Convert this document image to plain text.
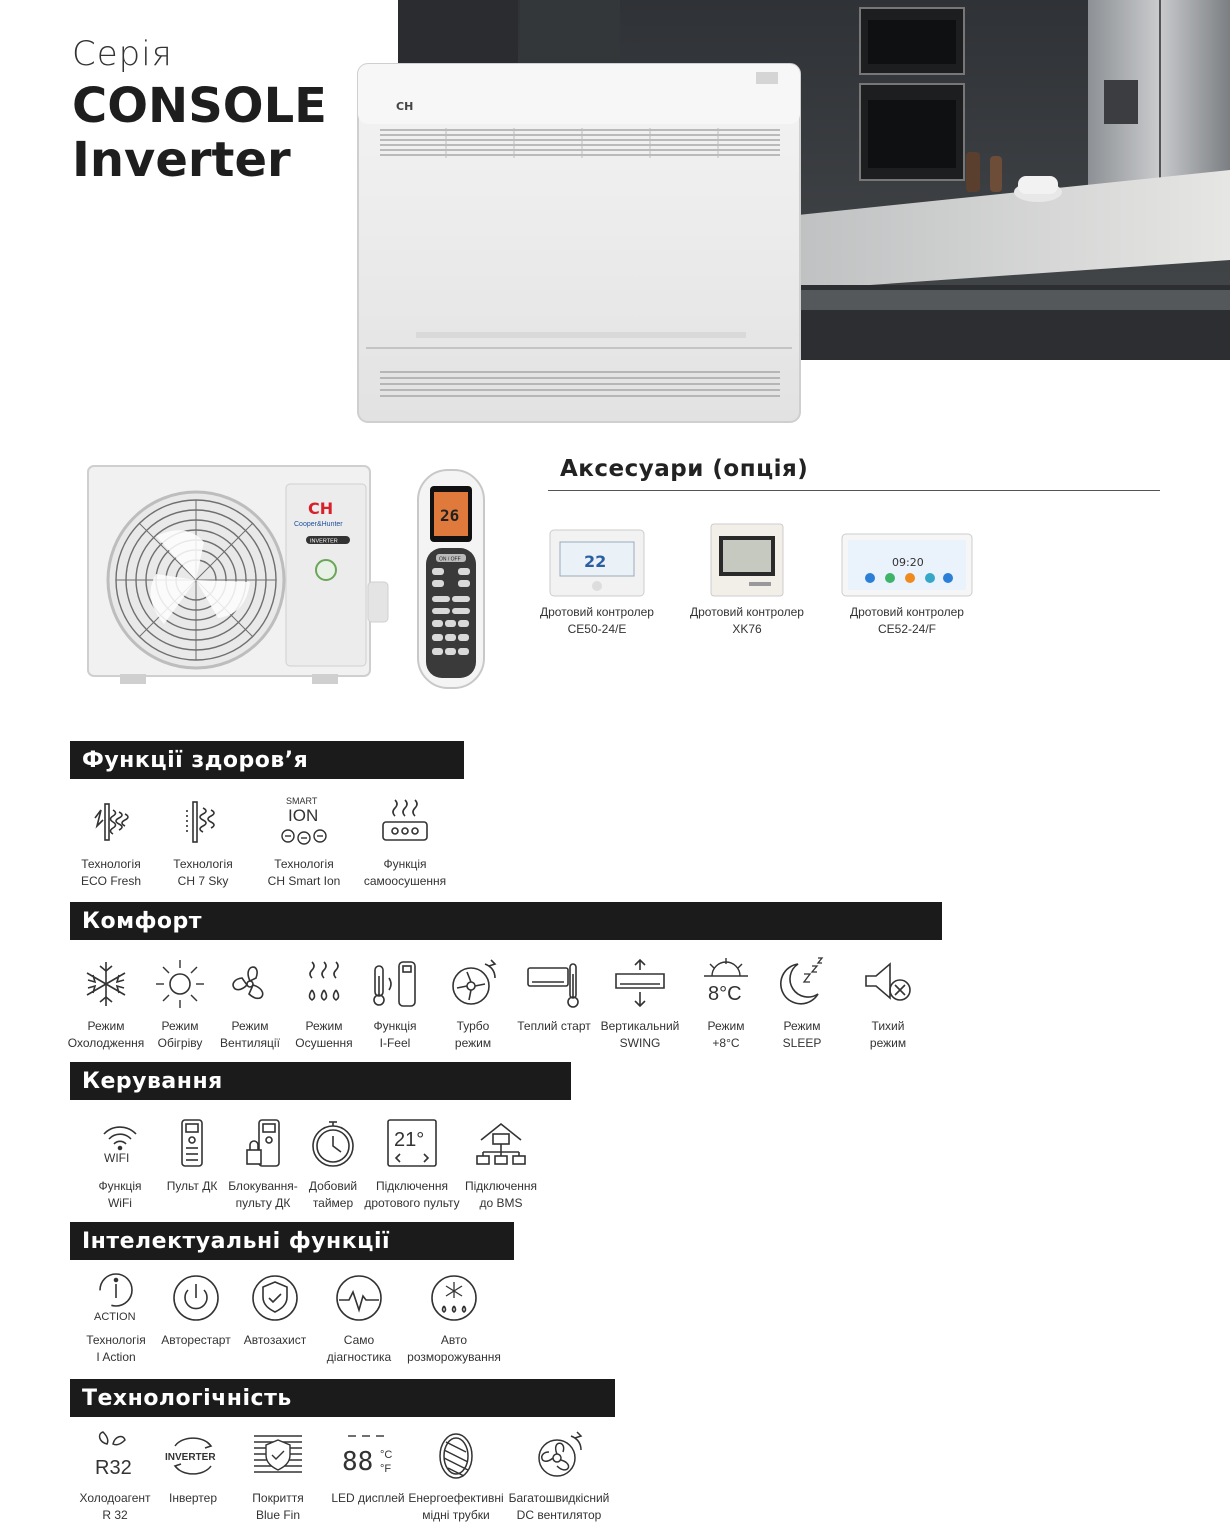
Серія
CONSOLE
Inverter
CH
CH
Cooper&Hunter
INVERTER
26
ON / OFF
Аксесуари (опція)
22
Дротовий контролер
CE50-24/E
Дротовий контролер
XK76
09:20
Дротовий контролер
CE52-24/F
Функції здоров’я
Технологія
ECO Fresh
Технологія
CH 7 Sky
SMART
ION
Технологія
CH Smart Ion
Функція
самоосушення
Комфорт
Режим
Охолодження
Режим
Обігріву
Режим
Вентиляції
Режим
Осушення
Функція
I-Feel
Турбо
режим
Теплий старт Вертикальний
SWING
8°C
Режим
+8°C
Режим
SLEEP
Тихий
режим
Керування
WIFI
Функція
WiFi
Пульт ДК Блокування-
пульту ДК
Добовий
таймер
21°
Підключення
дротового пульту
Підключення
до BMS
Інтелектуальні функції
ACTION
Технологія
I Action
Авторестарт Автозахист	Само
діагностика
Авто
розморожування
Технологічність
R32
Холодоагент
R 32
INVERTER
Інвертер	Покриття
Blue Fin
88 °C
°F
LED дисплей Енергоефективні
мідні трубки
Багатошвидкісний
DC вентилятор
